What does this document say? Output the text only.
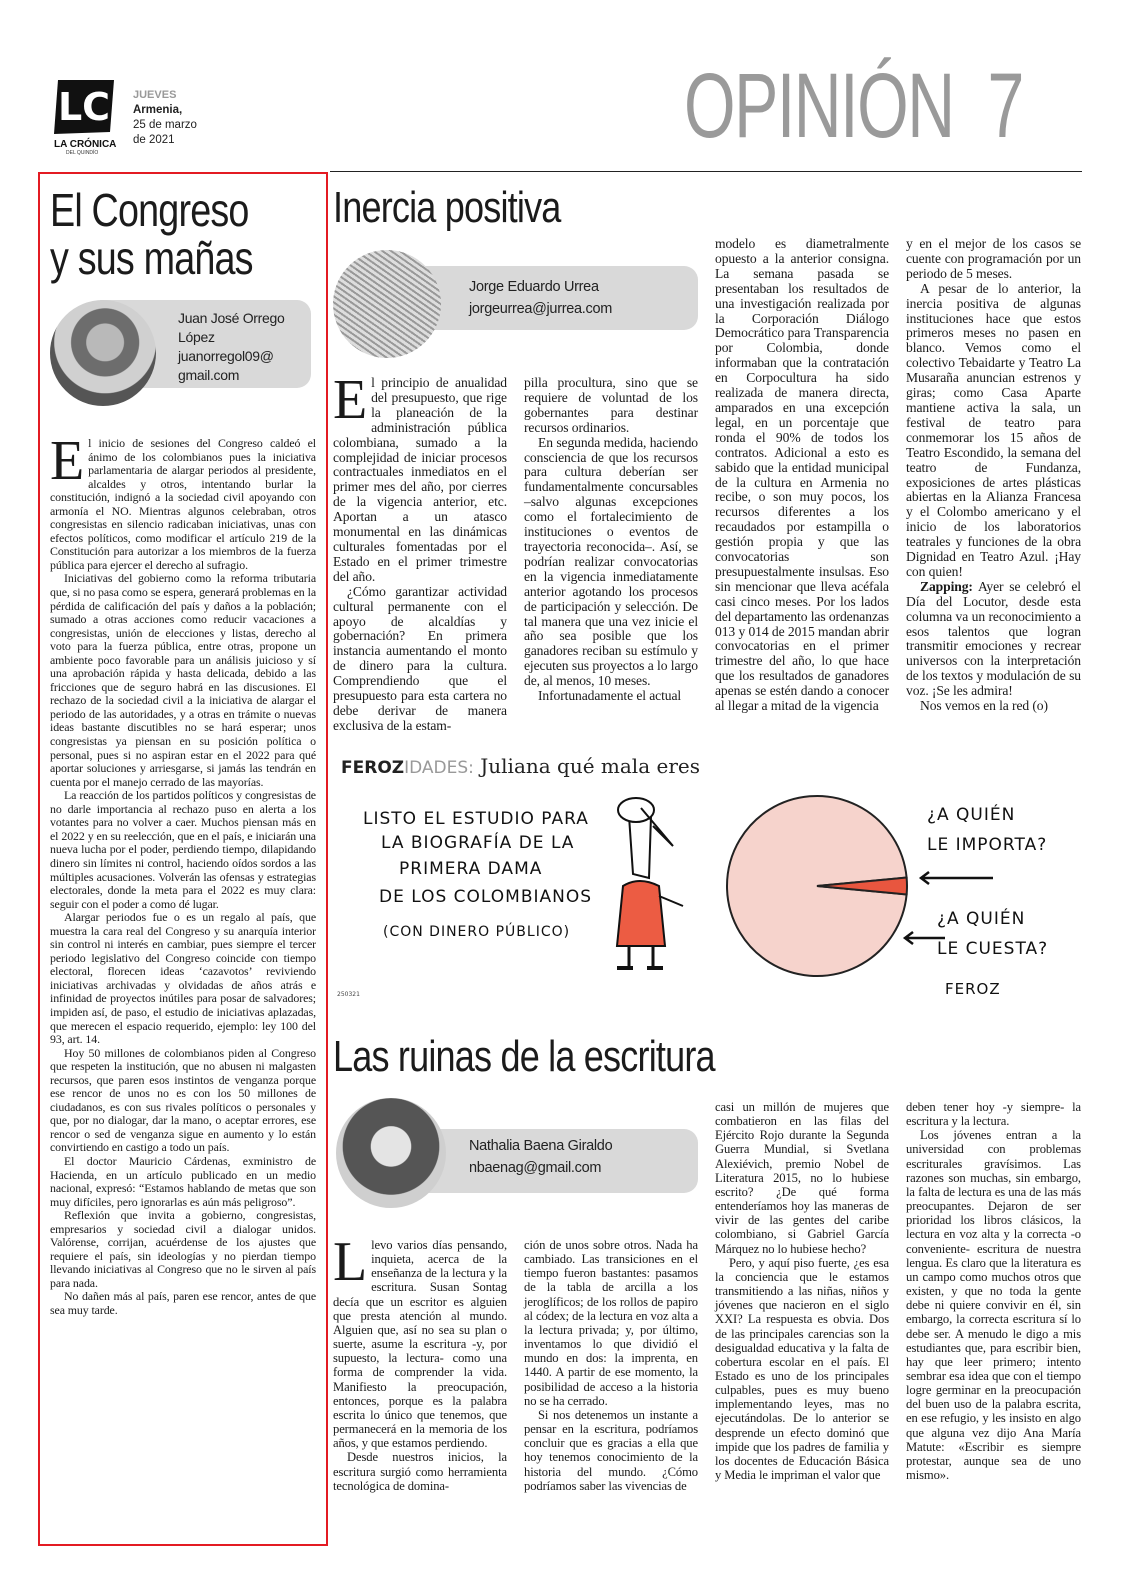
LC
LA CRÓNICA
DEL QUINDÍO
JUEVES
Armenia,
25 de marzo
de 2021	OPINIÓN 7
El Congreso
y sus mañas
Juan José Orrego
López
juanorregol09@
gmail.com

El inicio de sesiones del Congreso caldeó el ánimo de los colombianos pues la iniciativa parlamentaria de alargar periodos al presidente, alcaldes y otros, intentando burlar la constitución, indignó a la sociedad civil apoyando con armonía el NO. Mientras algunos celebraban, otros congresistas en silencio radicaban iniciativas, unas con efectos políticos, como modificar el artículo 219 de la Constitución para autorizar a los miembros de la fuerza pública para ejercer el derecho al sufragio.

Iniciativas del gobierno como la reforma tributaria que, si no pasa como se espera, generará problemas en la pérdida de calificación del país y daños a la población; sumado a otras acciones como reducir vacaciones a congresistas, unión de elecciones y listas, derecho al voto para la fuerza pública, entre otras, propone un ambiente poco favorable para un análisis juicioso y sí una aprobación rápida y hasta delicada, debido a las fricciones que de seguro habrá en las discusiones. El rechazo de la sociedad civil a la iniciativa de alargar el periodo de las autoridades, y a otras en trámite o nuevas ideas bastante discutibles no se hará esperar; unos congresistas ya piensan en su posición política o personal, pues si no aspiran estar en el 2022 para qué aportar soluciones y arriesgarse, si jamás las tendrán en cuenta por el manejo cerrado de las mayorías.

La reacción de los partidos políticos y congresistas de no darle importancia al rechazo puso en alerta a los votantes para no volver a caer. Muchos piensan más en el 2022 y en su reelección, que en el país, e iniciarán una nueva lucha por el poder, perdiendo tiempo, dilapidando dinero sin límites ni control, haciendo oídos sordos a las múltiples acusaciones. Volverán las ofensas y estrategias electorales, donde la meta para el 2022 es muy clara: seguir con el poder a como dé lugar.

Alargar periodos fue o es un regalo al país, que muestra la cara real del Congreso y su anarquía interior sin control ni interés en cambiar, pues siempre el tercer periodo legislativo del Congreso coincide con tiempo electoral, florecen ideas ‘cazavotos’ reviviendo iniciativas archivadas y olvidadas de años atrás e infinidad de proyectos inútiles para posar de salvadores; impiden así, de paso, el estudio de iniciativas aplazadas, que merecen el espacio requerido, ejemplo: ley 100 del 93, art. 14.

Hoy 50 millones de colombianos piden al Congreso que respeten la institución, que no abusen ni malgasten recursos, que paren esos instintos de venganza porque ese rencor de unos no es con los 50 millones de ciudadanos, es con sus rivales políticos o personales y que, por no dialogar, dar la mano, o aceptar errores, ese rencor o sed de venganza sigue en aumento y lo están convirtiendo en castigo a todo un país.

El doctor Mauricio Cárdenas, exministro de Hacienda, en un artículo publicado en un medio nacional, expresó: “Estamos hablando de metas que son muy difíciles, pero ignorarlas es aún más peligroso”.

Reflexión que invita a gobierno, congresistas, empresarios y sociedad civil a dialogar unidos. Valórense, corrijan, acuérdense de los ajustes que requiere el país, sin ideologías y no pierdan tiempo llevando iniciativas al Congreso que no le sirven al país para nada.

No dañen más al país, paren ese rencor, antes de que sea muy tarde.

Inercia positiva
Jorge Eduardo Urrea
jorgeurrea@jurrea.com

El principio de anualidad del presupuesto, que rige la planeación de la administración pública colombiana, sumado a la complejidad de iniciar procesos contractuales inmediatos en el primer mes del año, por cierres de la vigencia anterior, etc. Aportan a un atasco monumental en las dinámicas culturales fomentadas por el Estado en el primer trimestre del año.

¿Cómo garantizar actividad cultural permanente con el apoyo de alcaldías y gobernación? En primera instancia aumentando el monto de dinero para la cultura. Comprendiendo que el presupuesto para esta cartera no debe derivar de manera exclusiva de la estam-

pilla procultura, sino que se requiere de voluntad de los gobernantes para destinar recursos ordinarios.

En segunda medida, haciendo consciencia de que los recursos para cultura deberían ser fundamentalmente concursables –salvo algunas excepciones como el fortalecimiento de instituciones o eventos de trayectoria reconocida–. Así, se podrían realizar convocatorias en la vigencia inmediatamente anterior agotando los procesos de participación y selección. De tal manera que una vez inicie el año sea posible que los ganadores reciban su estímulo y ejecuten sus proyectos a lo largo de, al menos, 10 meses.

Infortunadamente el actual

modelo es diametralmente opuesto a la anterior consigna. La semana pasada se presentaban los resultados de una investigación realizada por la Corporación Diálogo Democrático para Transparencia por Colombia, donde informaban que la contratación en Corpocultura ha sido realizada de manera directa, amparados en una excepción legal, en un porcentaje que ronda el 90% de todos los contratos. Adicional a esto es sabido que la entidad municipal de la cultura en Armenia no recibe, o son muy pocos, los recursos diferentes a los recaudados por estampilla o gestión propia y que las convocatorias son presupuestalmente insulsas. Eso sin mencionar que lleva acéfala casi cinco meses. Por los lados del departamento las ordenanzas 013 y 014 de 2015 mandan abrir convocatorias en el primer trimestre del año, lo que hace que los resultados de ganadores apenas se estén dando a conocer al llegar a mitad de la vigencia

y en el mejor de los casos se cuente con programación por un periodo de 5 meses.

A pesar de lo anterior, la inercia positiva de algunas instituciones hace que estos primeros meses no pasen en blanco. Vemos como el colectivo Tebaidarte y Teatro La Musaraña anuncian estrenos y giras; como Casa Aparte mantiene activa la sala, un festival de teatro para conmemorar los 15 años de Teatro Escondido, la semana del teatro de Fundanza, exposiciones de artes plásticas abiertas en la Alianza Francesa y el Colombo americano y el inicio de los laboratorios teatrales y funciones de la obra Dignidad en Teatro Azul. ¡Hay con quien!

Zapping: Ayer se celebró el Día del Locutor, desde esta columna va un reconocimiento a esos talentos que logran transmitir emociones y recrear universos con la interpretación de los textos y modulación de su voz. ¡Se les admira!

Nos vemos en la red (o)

FEROZIDADES: Juliana qué mala eres
LISTO EL ESTUDIO PARA
LA BIOGRAFÍA DE LA
PRIMERA DAMA
DE LOS COLOMBIANOS
(CON DINERO PÚBLICO)
¿A QUIÉN
LE IMPORTA?
¿A QUIÉN
LE CUESTA?
FEROZ
250321
Las ruinas de la escritura
Nathalia Baena Giraldo
nbaenag@gmail.com

Llevo varios días pensando, inquieta, acerca de la enseñanza de la lectura y la escritura. Susan Sontag decía que un escritor es alguien que presta atención al mundo. Alguien que, así no sea su plan o suerte, asume la escritura -y, por supuesto, la lectura- como una forma de comprender la vida. Manifiesto la preocupación, entonces, porque es la palabra escrita lo único que tenemos, que permanecerá en la memoria de los años, y que estamos perdiendo.

Desde nuestros inicios, la escritura surgió como herramienta tecnológica de domina-

ción de unos sobre otros. Nada ha cambiado. Las transiciones en el tiempo fueron bastantes: pasamos de la tabla de arcilla a los jeroglíficos; de los rollos de papiro al códex; de la lectura en voz alta a la lectura privada; y, por último, inventamos lo que dividió el mundo en dos: la imprenta, en 1440. A partir de ese momento, la posibilidad de acceso a la historia no se ha cerrado.

Si nos detenemos un instante a pensar en la escritura, podríamos concluir que es gracias a ella que hoy tenemos conocimiento de la historia del mundo. ¿Cómo podríamos saber las vivencias de

casi un millón de mujeres que combatieron en las filas del Ejército Rojo durante la Segunda Guerra Mundial, si Svetlana Alexiévich, premio Nobel de Literatura 2015, no lo hubiese escrito? ¿De qué forma entenderíamos hoy las maneras de vivir de las gentes del caribe colombiano, si Gabriel García Márquez no lo hubiese hecho?

Pero, y aquí piso fuerte, ¿es esa la conciencia que le estamos transmitiendo a las niñas, niños y jóvenes que nacieron en el siglo XXI? La respuesta es obvia. Dos de las principales carencias son la desigualdad educativa y la falta de cobertura escolar en el país. El Estado es uno de los principales culpables, pues es muy bueno implementando leyes, mas no ejecutándolas. De lo anterior se desprende un efecto dominó que impide que los padres de familia y los docentes de Educación Básica y Media le impriman el valor que

deben tener hoy -y siempre- la escritura y la lectura.

Los jóvenes entran a la universidad con problemas escriturales gravísimos. Las razones son muchas, sin embargo, la falta de lectura es una de las más preocupantes. Dejaron de ser prioridad los libros clásicos, la lectura en voz alta y la correcta -o conveniente- escritura de nuestra lengua. Es claro que la literatura es un campo como muchos otros que existen, y que no toda la gente debe ni quiere convivir en él, sin embargo, la correcta escritura sí lo debe ser. A menudo le digo a mis estudiantes que, para escribir bien, hay que leer primero; intento sembrar esa idea que con el tiempo logre germinar en la preocupación del buen uso de la palabra escrita, en ese refugio, y les insisto en algo que alguna vez dijo Ana María Matute: «Escribir es siempre protestar, aunque sea de uno mismo».
